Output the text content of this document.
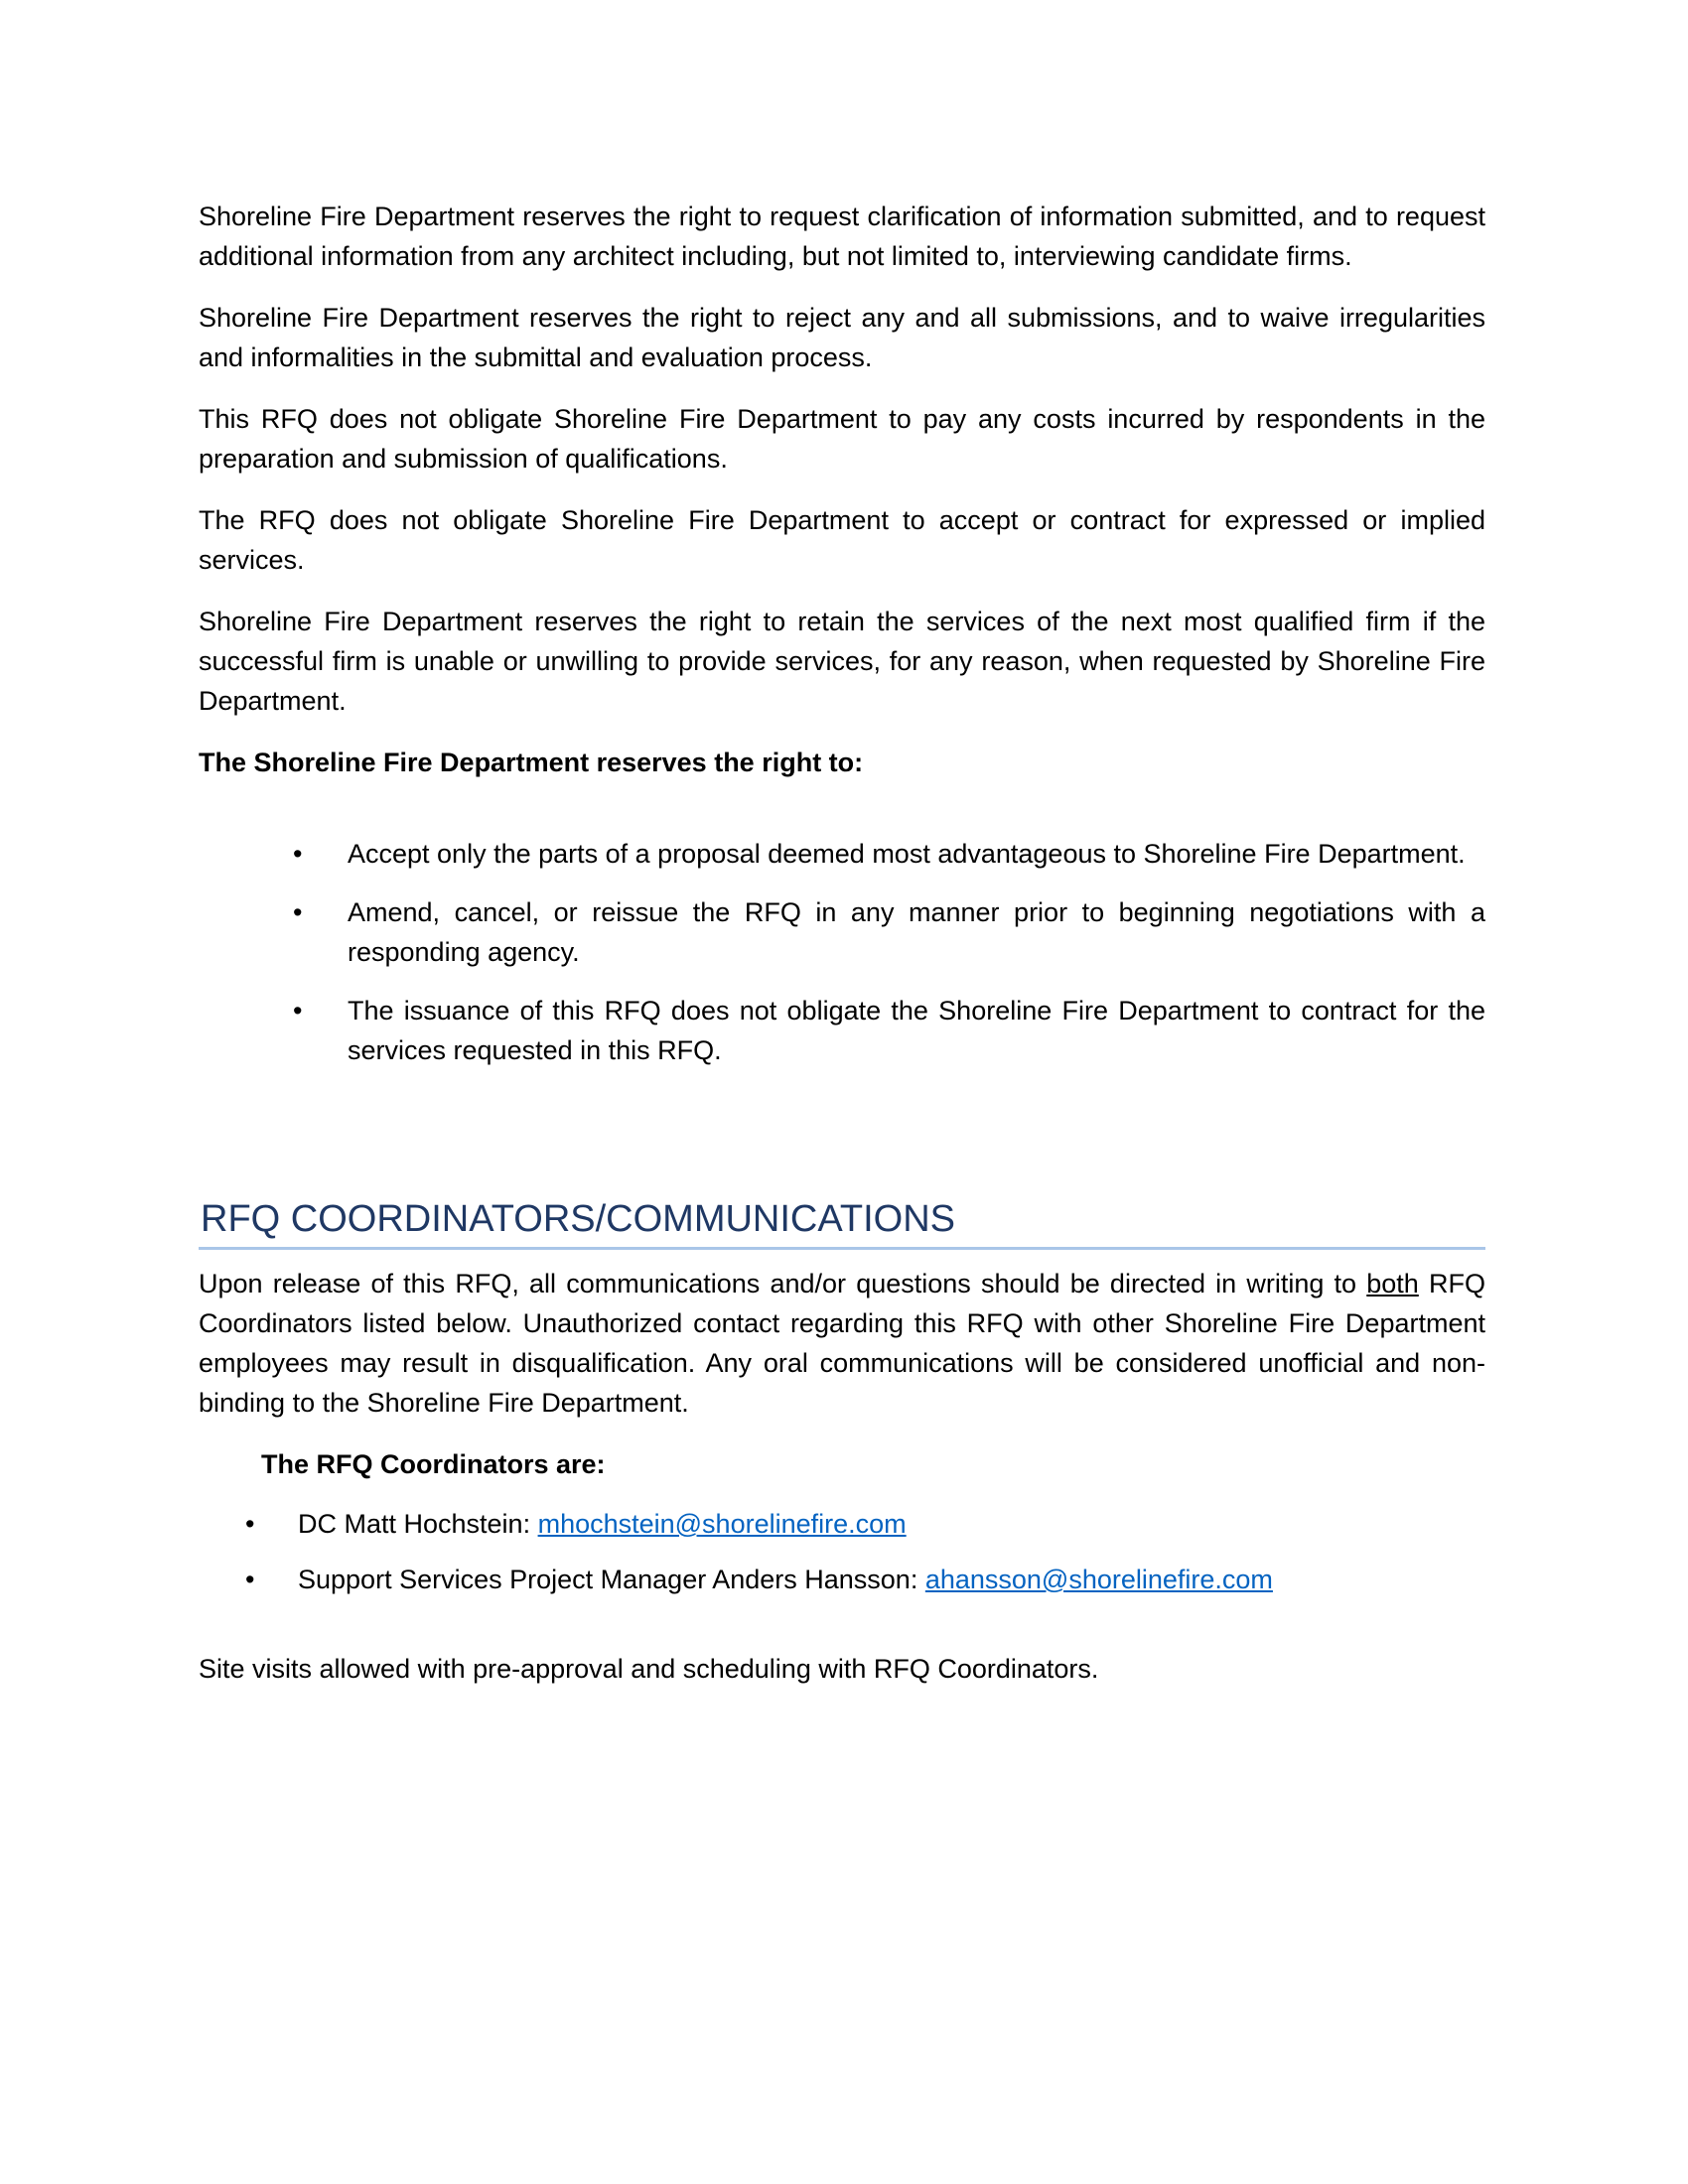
Shoreline Fire Department reserves the right to request clarification of information submitted, and to request additional information from any architect including, but not limited to, interviewing candidate firms.

Shoreline Fire Department reserves the right to reject any and all submissions, and to waive irregularities and informalities in the submittal and evaluation process.

This RFQ does not obligate Shoreline Fire Department to pay any costs incurred by respondents in the preparation and submission of qualifications.

The RFQ does not obligate Shoreline Fire Department to accept or contract for expressed or implied services.

Shoreline Fire Department reserves the right to retain the services of the next most qualified firm if the successful firm is unable or unwilling to provide services, for any reason, when requested by Shoreline Fire Department.

The Shoreline Fire Department reserves the right to:

• Accept only the parts of a proposal deemed most advantageous to Shoreline Fire Department.
• Amend, cancel, or reissue the RFQ in any manner prior to beginning negotiations with a responding agency.
• The issuance of this RFQ does not obligate the Shoreline Fire Department to contract for the services requested in this RFQ.
RFQ COORDINATORS/COMMUNICATIONS

Upon release of this RFQ, all communications and/or questions should be directed in writing to both RFQ Coordinators listed below. Unauthorized contact regarding this RFQ with other Shoreline Fire Department employees may result in disqualification. Any oral communications will be considered unofficial and non-binding to the Shoreline Fire Department.

The RFQ Coordinators are:

• DC Matt Hochstein: mhochstein@shorelinefire.com
• Support Services Project Manager Anders Hansson: ahansson@shorelinefire.com

Site visits allowed with pre-approval and scheduling with RFQ Coordinators.
